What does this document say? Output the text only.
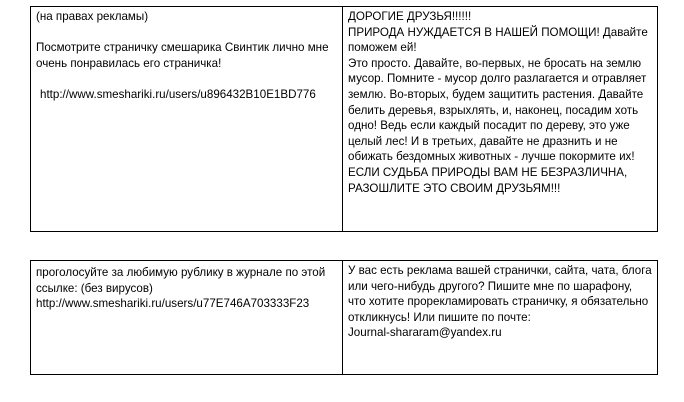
(на правах рекламы)
Посмотрите страничку смешарика Свинтик лично мне очень понравилась его страничка!
http://www.smeshariki.ru/users/u896432B10E1BD776

ДОРОГИЕ ДРУЗЬЯ!!!!!!
ПРИРОДА НУЖДАЕТСЯ В НАШЕЙ ПОМОЩИ! Давайте поможем ей!
Это просто. Давайте, во-первых, не бросать на землю мусор. Помните - мусор долго разлагается и отравляет землю. Во-вторых, будем защитить растения. Давайте белить деревья, взрыхлять, и, наконец, посадим хоть одно! Ведь если каждый посадит по дереву, это уже целый лес! И в третьих, давайте не дразнить и не обижать бездомных животных - лучше покормите их!
ЕСЛИ СУДЬБА ПРИРОДЫ ВАМ НЕ БЕЗРАЗЛИЧНА, РАЗОШЛИТЕ ЭТО СВОИМ ДРУЗЬЯМ!!!
проголосуйте за любимую рублику в журнале по этой ссылке: (без вирусов)
http://www.smeshariki.ru/users/u77E746A703333F23

У вас есть реклама вашей странички, сайта, чата, блога или чего-нибудь другого? Пишите мне по шарафону, что хотите прорекламировать страничку, я обязательно откликнусь! Или пишите по почте:
Journal-shararam@yandex.ru
